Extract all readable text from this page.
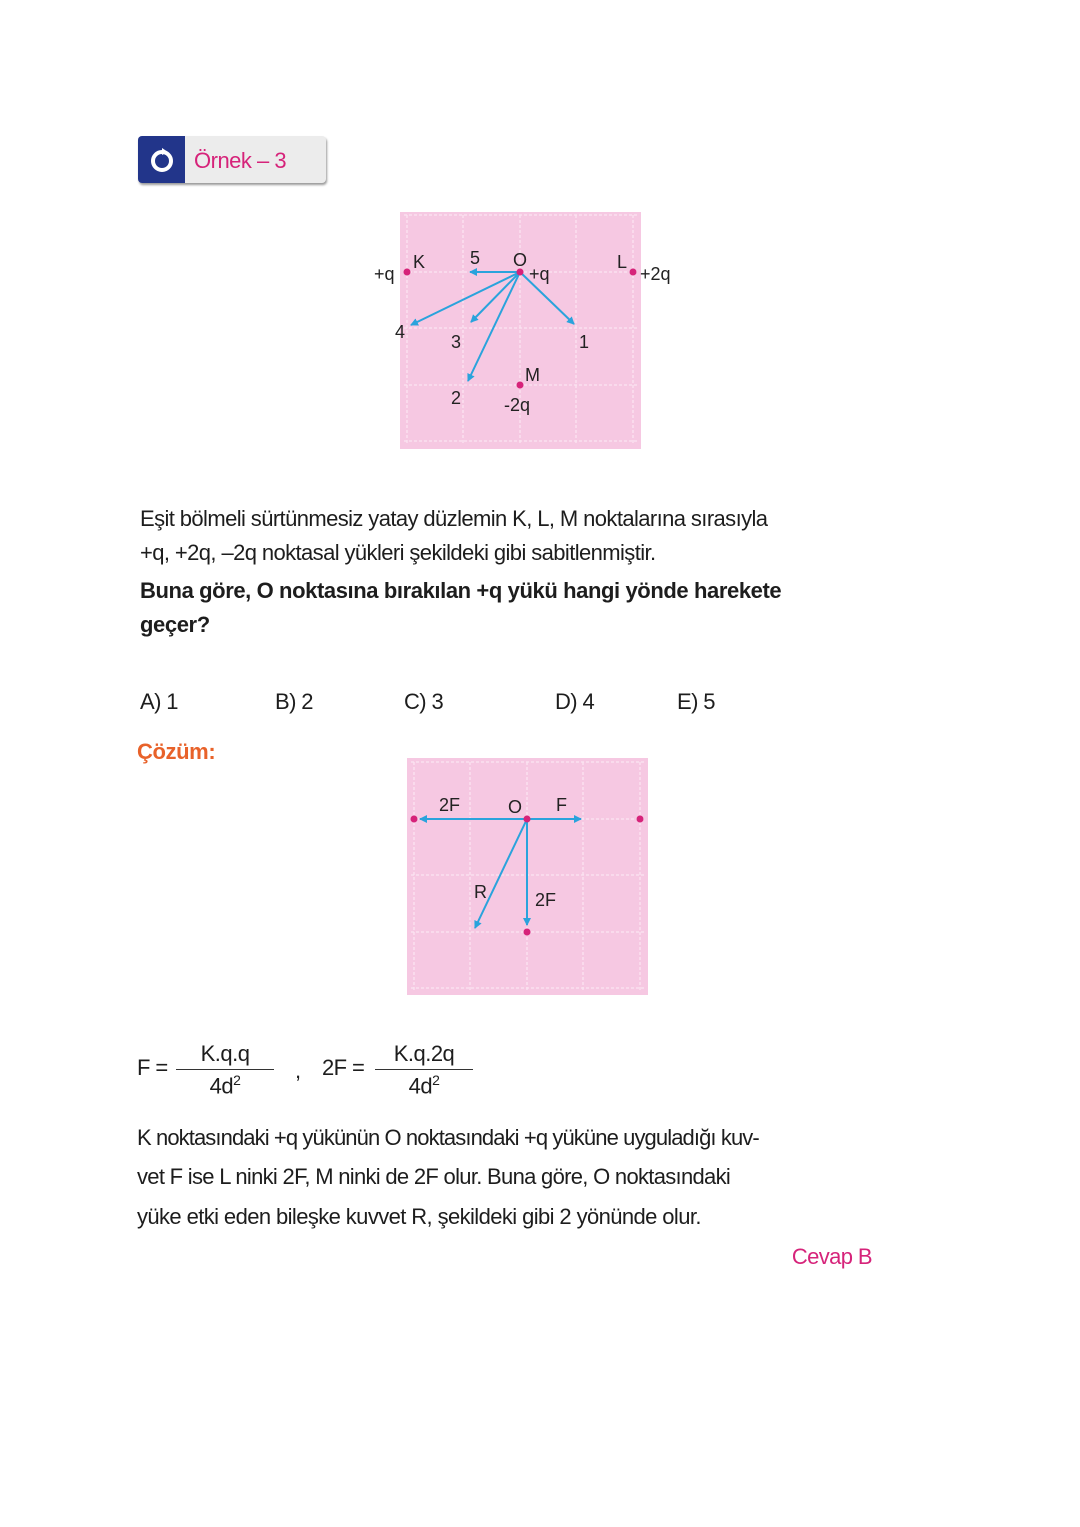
Örnek – 3
+q
K	O
+q
L
+2q
M
-2q
1
2
3
4
5
2F	O F
2F
R
Eşit bölmeli sürtünmesiz yatay düzlemin K, L, M noktalarına sırasıyla
+q, +2q, –2q noktasal yükleri şekildeki gibi sabitlenmiştir.
Buna göre, O noktasına bırakılan +q yükü hangi yönde harekete
geçer?
A) 1	B) 2	C) 3	D) 4	E) 5
Çözüm:
$F = \frac{K.q.q}{4d^2}$ , $2F = \frac{K.q.2q}{4d^2}$
K noktasındaki +q yükünün O noktasındaki +q yüküne uyguladığı kuv-
vet F ise L ninki 2F, M ninki de 2F olur. Buna göre, O noktasındaki
yüke etki eden bileşke kuvvet R, şekildeki gibi 2 yönünde olur.
Cevap B
